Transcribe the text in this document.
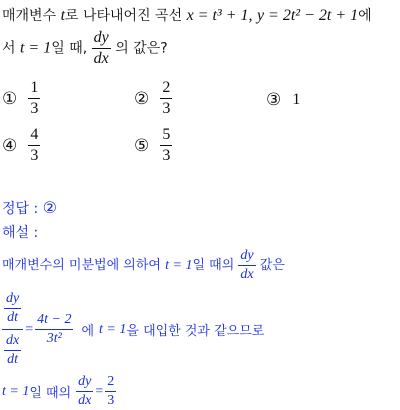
매개변수 t로 나타내어진 곡선 x = t³ + 1, y = 2t² − 2t + 1에
서 t = 1일 때, $\frac{dy}{dx}$ 의 값은?
① $\frac{1}{3}$	② $\frac{2}{3}$	③ 1
④ $\frac{4}{3}$	⑤ $\frac{5}{3}$
정답 : ②
해설 :
매개변수의 미분법에 의하여 t = 1일 때의 $\frac{dy}{dx}$ 값은
$\frac{\frac{dy}{dt}}{\frac{dx}{dt}} = \frac{4t - 2}{\text{3t²}}$ 에 t = 1 을 대입한 것과 같으므로
t = 1 일 때의 $\frac{dy}{dx} = \frac{2}{3}$
